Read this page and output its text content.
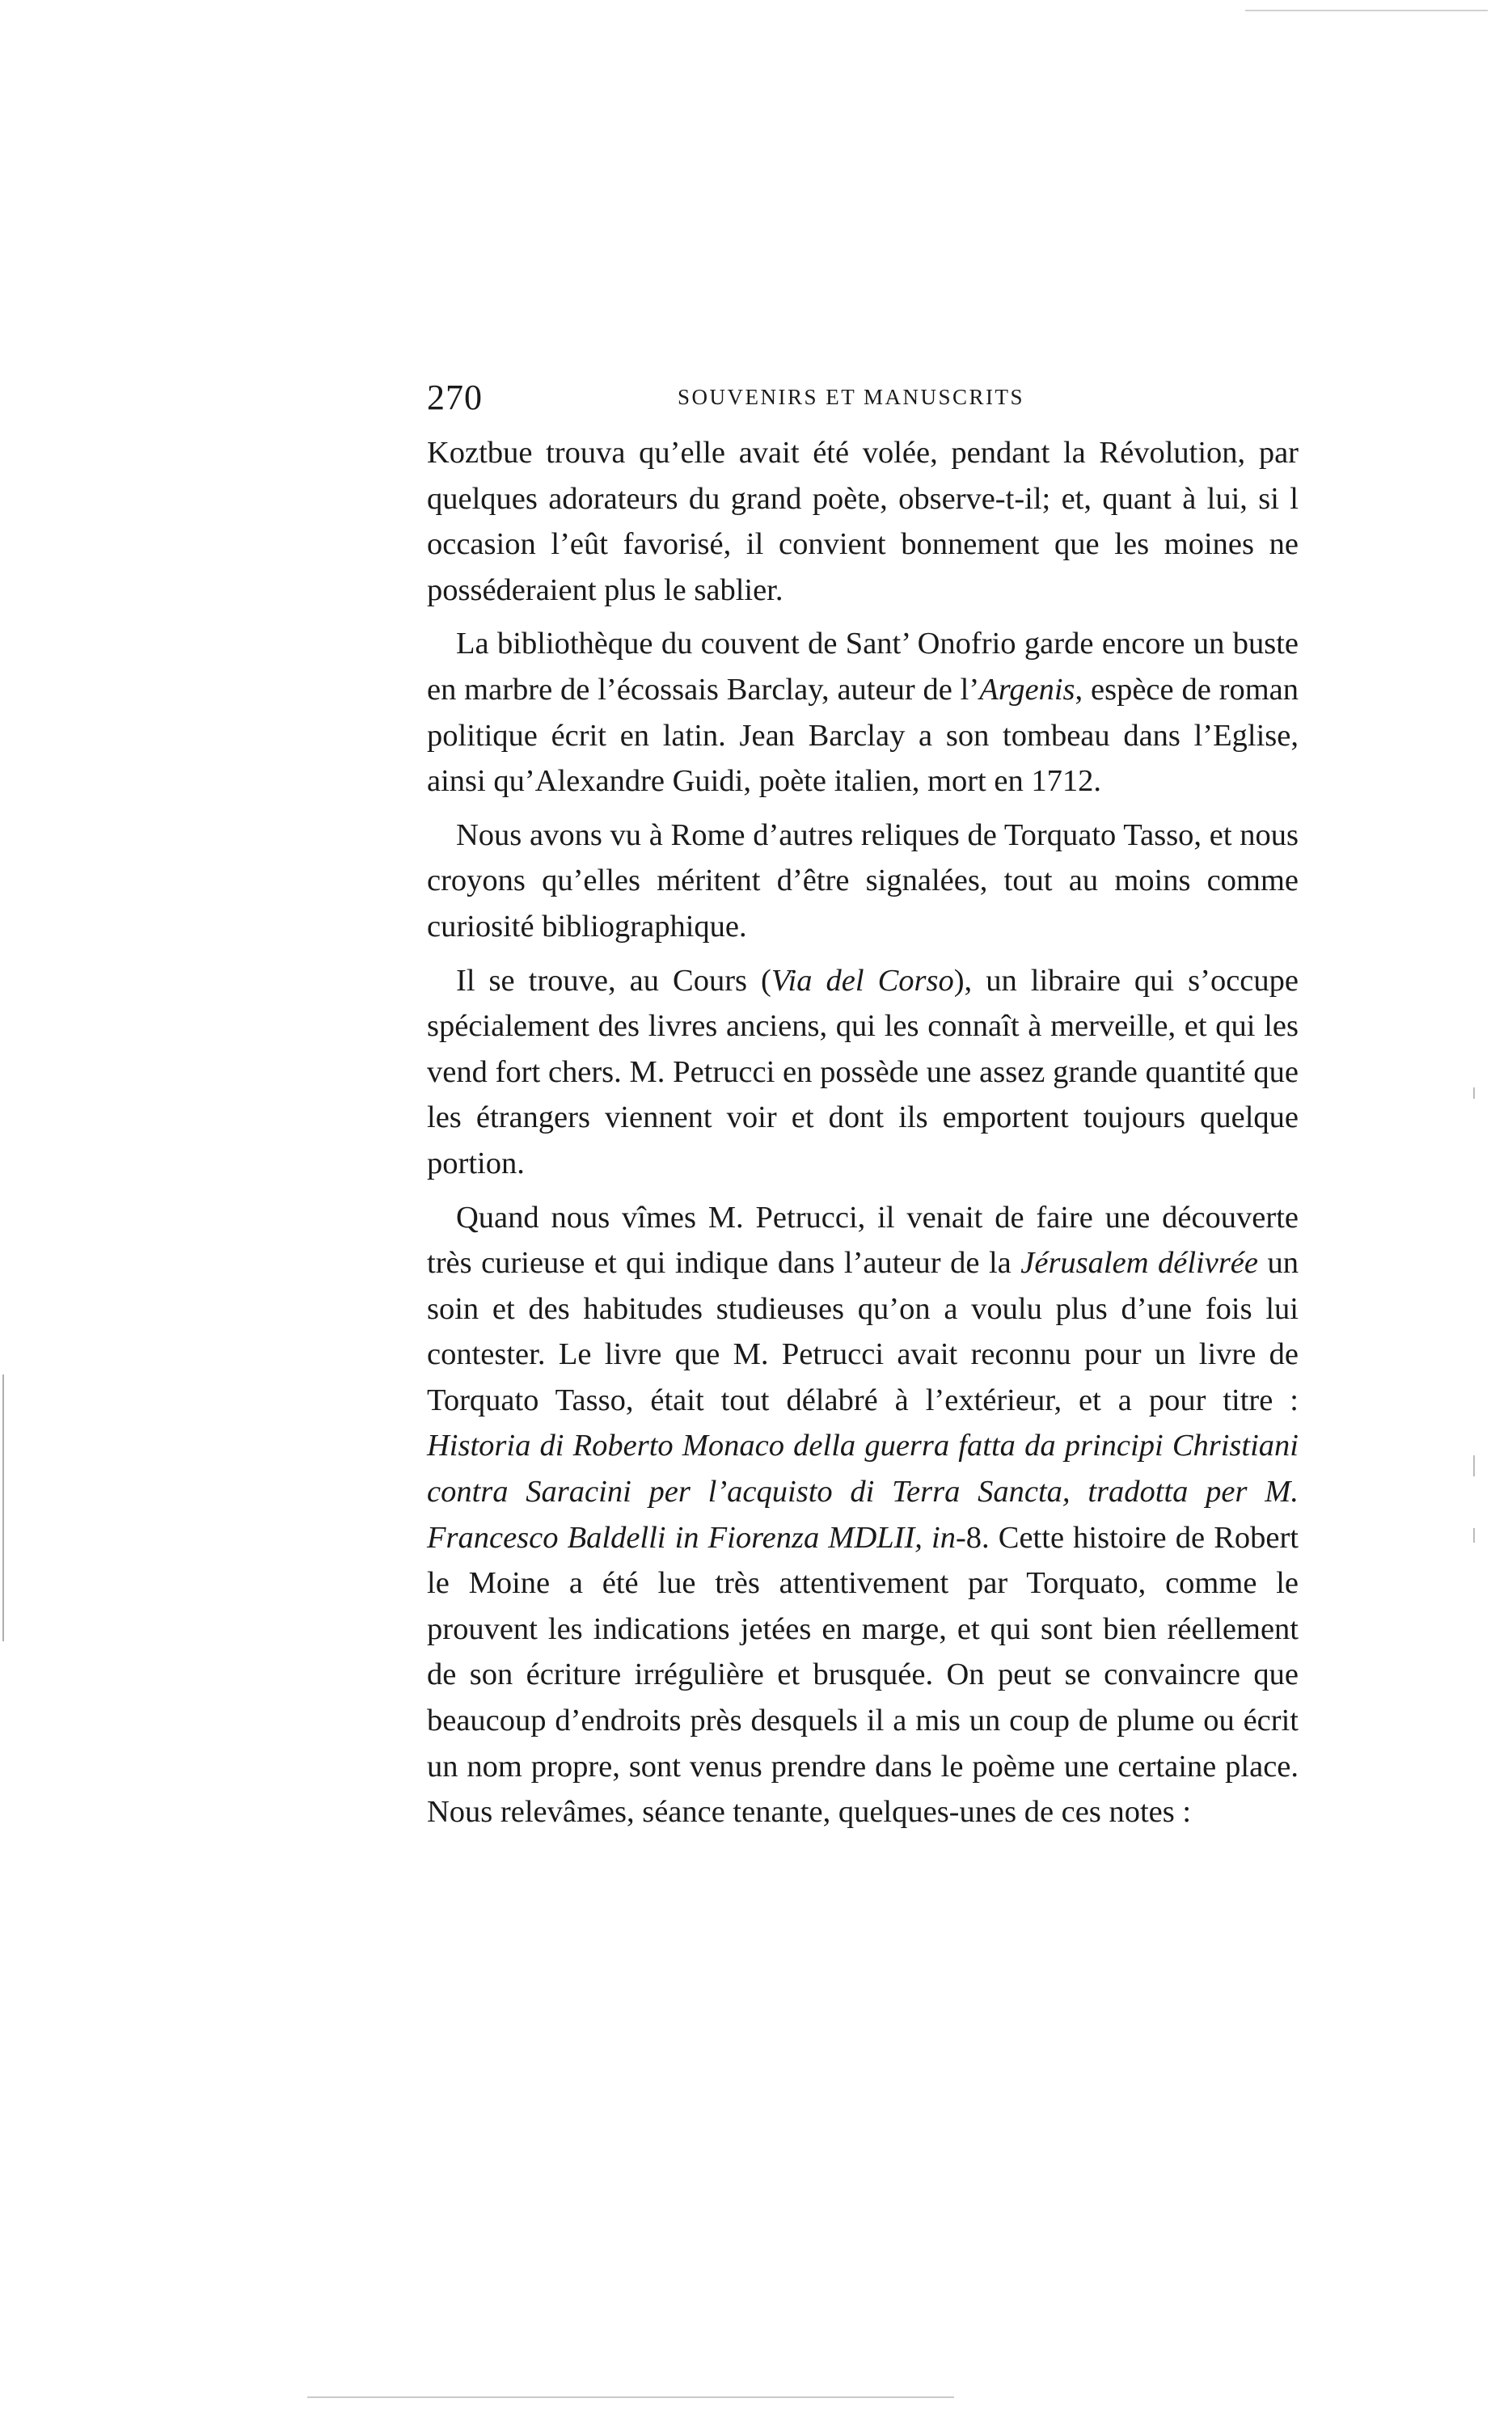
270	SOUVENIRS ET MANUSCRITS

Koztbue trouva qu’elle avait été volée, pendant la Révolution, par quelques adorateurs du grand poète, observe-t-il; et, quant à lui, si l occasion l’eût favorisé, il convient bonnement que les moines ne posséderaient plus le sablier.

La bibliothèque du couvent de Sant’ Onofrio garde encore un buste en marbre de l’écossais Barclay, auteur de l’Argenis, espèce de roman politique écrit en latin. Jean Barclay a son tombeau dans l’Eglise, ainsi qu’Alexandre Guidi, poète italien, mort en 1712.

Nous avons vu à Rome d’autres reliques de Torquato Tasso, et nous croyons qu’elles méritent d’être signalées, tout au moins comme curiosité bibliographique.

Il se trouve, au Cours (Via del Corso), un libraire qui s’occupe spécialement des livres anciens, qui les connaît à merveille, et qui les vend fort chers. M. Petrucci en possède une assez grande quantité que les étrangers viennent voir et dont ils emportent toujours quelque portion.

Quand nous vîmes M. Petrucci, il venait de faire une découverte très curieuse et qui indique dans l’auteur de la Jérusalem délivrée un soin et des habitudes studieuses qu’on a voulu plus d’une fois lui contester. Le livre que M. Petrucci avait reconnu pour un livre de Torquato Tasso, était tout délabré à l’extérieur, et a pour titre : Historia di Roberto Monaco della guerra fatta da principi Christiani contra Saracini per l’acquisto di Terra Sancta, tradotta per M. Francesco Baldelli in Fiorenza MDLII, in-8. Cette histoire de Robert le Moine a été lue très attentivement par Torquato, comme le prouvent les indications jetées en marge, et qui sont bien réellement de son écriture irrégulière et brusquée. On peut se convaincre que beaucoup d’endroits près desquels il a mis un coup de plume ou écrit un nom propre, sont venus prendre dans le poème une certaine place. Nous relevâmes, séance tenante, quelques-unes de ces notes :
